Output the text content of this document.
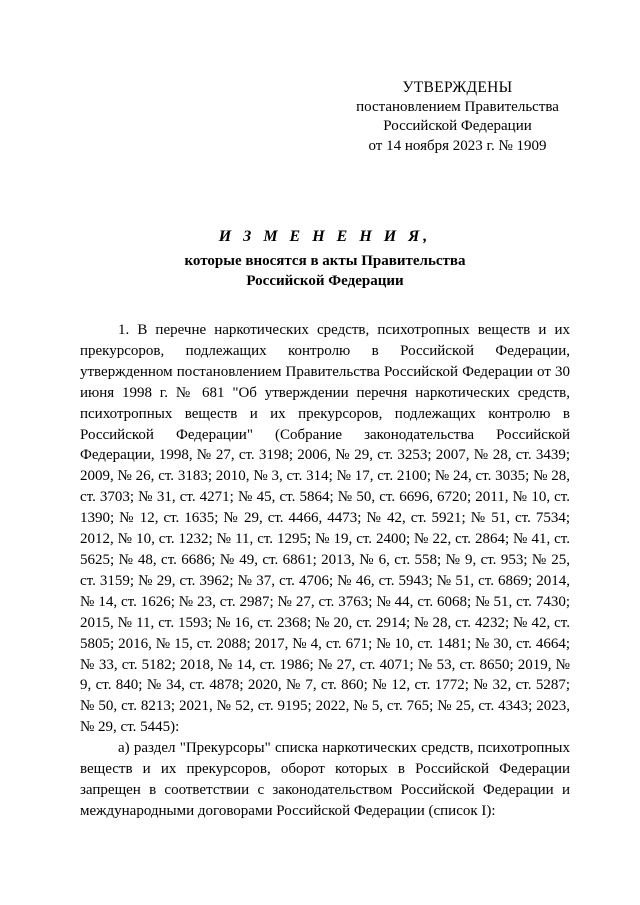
УТВЕРЖДЕНЫ
постановлением Правительства
Российской Федерации
от 14 ноября 2023 г. № 1909
И З М Е Н Е Н И Я,
которые вносятся в акты Правительства
Российской Федерации

1. В перечне наркотических средств, психотропных веществ и их прекурсоров, подлежащих контролю в Российской Федерации, утвержденном постановлением Правительства Российской Федерации от 30 июня 1998 г. № 681 "Об утверждении перечня наркотических средств, психотропных веществ и их прекурсоров, подлежащих контролю в Российской Федерации" (Собрание законодательства Российской Федерации, 1998, № 27, ст. 3198; 2006, № 29, ст. 3253; 2007, № 28, ст. 3439; 2009, № 26, ст. 3183; 2010, № 3, ст. 314; № 17, ст. 2100; № 24, ст. 3035; № 28, ст. 3703; № 31, ст. 4271; № 45, ст. 5864; № 50, ст. 6696, 6720; 2011, № 10, ст. 1390; № 12, ст. 1635; № 29, ст. 4466, 4473; № 42, ст. 5921; № 51, ст. 7534; 2012, № 10, ст. 1232; № 11, ст. 1295; № 19, ст. 2400; № 22, ст. 2864; № 41, ст. 5625; № 48, ст. 6686; № 49, ст. 6861; 2013, № 6, ст. 558; № 9, ст. 953; № 25, ст. 3159; № 29, ст. 3962; № 37, ст. 4706; № 46, ст. 5943; № 51, ст. 6869; 2014, № 14, ст. 1626; № 23, ст. 2987; № 27, ст. 3763; № 44, ст. 6068; № 51, ст. 7430; 2015, № 11, ст. 1593; № 16, ст. 2368; № 20, ст. 2914; № 28, ст. 4232; № 42, ст. 5805; 2016, № 15, ст. 2088; 2017, № 4, ст. 671; № 10, ст. 1481; № 30, ст. 4664; № 33, ст. 5182; 2018, № 14, ст. 1986; № 27, ст. 4071; № 53, ст. 8650; 2019, № 9, ст. 840; № 34, ст. 4878; 2020, № 7, ст. 860; № 12, ст. 1772; № 32, ст. 5287; № 50, ст. 8213; 2021, № 52, ст. 9195; 2022, № 5, ст. 765; № 25, ст. 4343; 2023, № 29, ст. 5445):

а) раздел "Прекурсоры" списка наркотических средств, психотропных веществ и их прекурсоров, оборот которых в Российской Федерации запрещен в соответствии с законодательством Российской Федерации и международными договорами Российской Федерации (список I):
